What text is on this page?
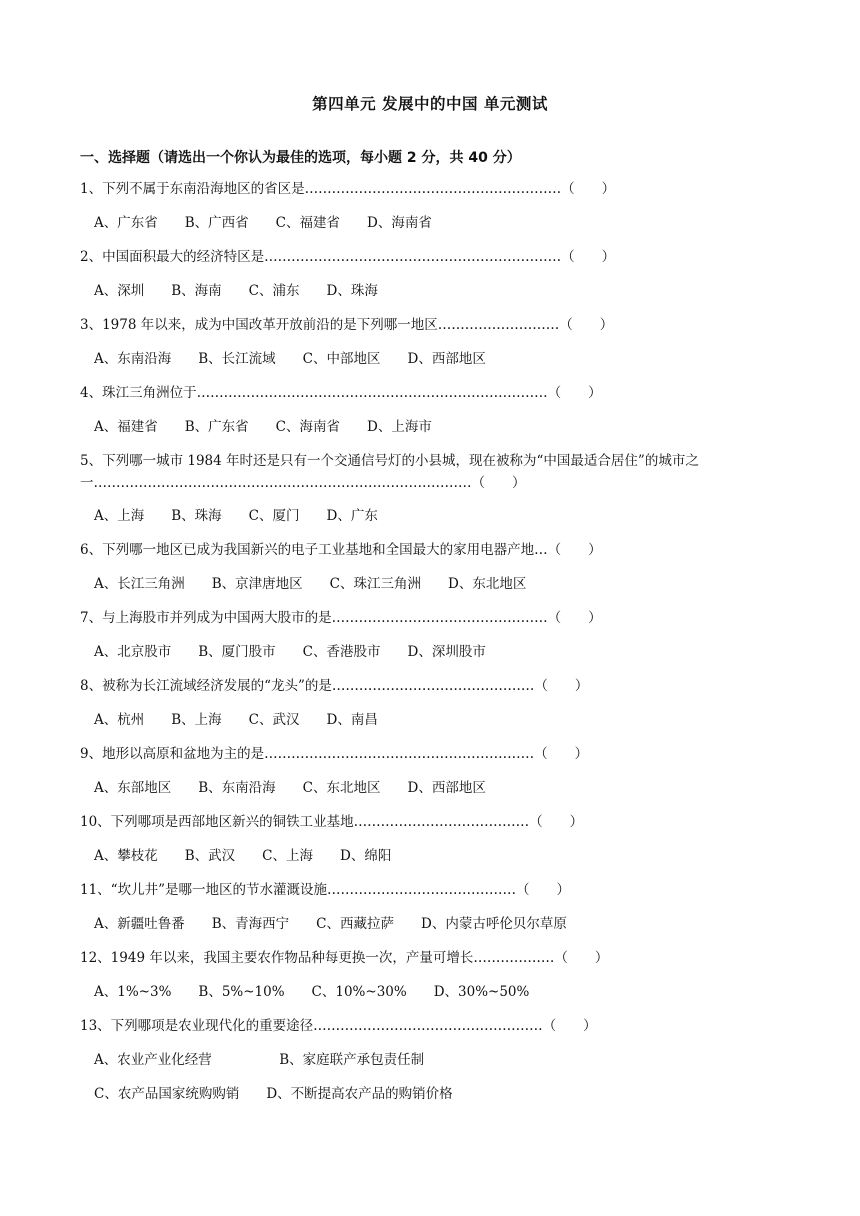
第四单元 发展中的中国 单元测试
一、选择题（请选出一个你认为最佳的选项，每小题 2 分，共 40 分）
1、下列不属于东南沿海地区的省区是…………………………………………………（　　）
A、广东省　　B、广西省　　C、福建省　　D、海南省
2、中国面积最大的经济特区是…………………………………………………………（　　）
A、深圳　　B、海南　　C、浦东　　D、珠海
3、1978 年以来，成为中国改革开放前沿的是下列哪一地区………………………（　　）
A、东南沿海　　B、长江流域　　C、中部地区　　D、西部地区
4、珠江三角洲位于……………………………………………………………………（　　）
A、福建省　　B、广东省　　C、海南省　　D、上海市
5、下列哪一城市 1984 年时还是只有一个交通信号灯的小县城，现在被称为“中国最适合居住”的城市之一…………………………………………………………………………（　　）
A、上海　　B、珠海　　C、厦门　　D、广东
6、下列哪一地区已成为我国新兴的电子工业基地和全国最大的家用电器产地…（　　）
A、长江三角洲　　B、京津唐地区　　C、珠江三角洲　　D、东北地区
7、与上海股市并列成为中国两大股市的是…………………………………………（　　）
A、北京股市　　B、厦门股市　　C、香港股市　　D、深圳股市
8、被称为长江流域经济发展的“龙头”的是………………………………………（　　）
A、杭州　　B、上海　　C、武汉　　D、南昌
9、地形以高原和盆地为主的是……………………………………………………（　　）
A、东部地区　　B、东南沿海　　C、东北地区　　D、西部地区
10、下列哪项是西部地区新兴的铜铁工业基地…………………………………（　　）
A、攀枝花　　B、武汉　　C、上海　　D、绵阳
11、“坎儿井”是哪一地区的节水灌溉设施……………………………………（　　）
A、新疆吐鲁番　　B、青海西宁　　C、西藏拉萨　　D、内蒙古呼伦贝尔草原
12、1949 年以来，我国主要农作物品种每更换一次，产量可增长………………（　　）
A、1%~3%　　B、5%~10%　　C、10%~30%　　D、30%~50%
13、下列哪项是农业现代化的重要途径……………………………………………（　　）
A、农业产业化经营　　　　　B、家庭联产承包责任制
C、农产品国家统购购销　　D、不断提高农产品的购销价格
